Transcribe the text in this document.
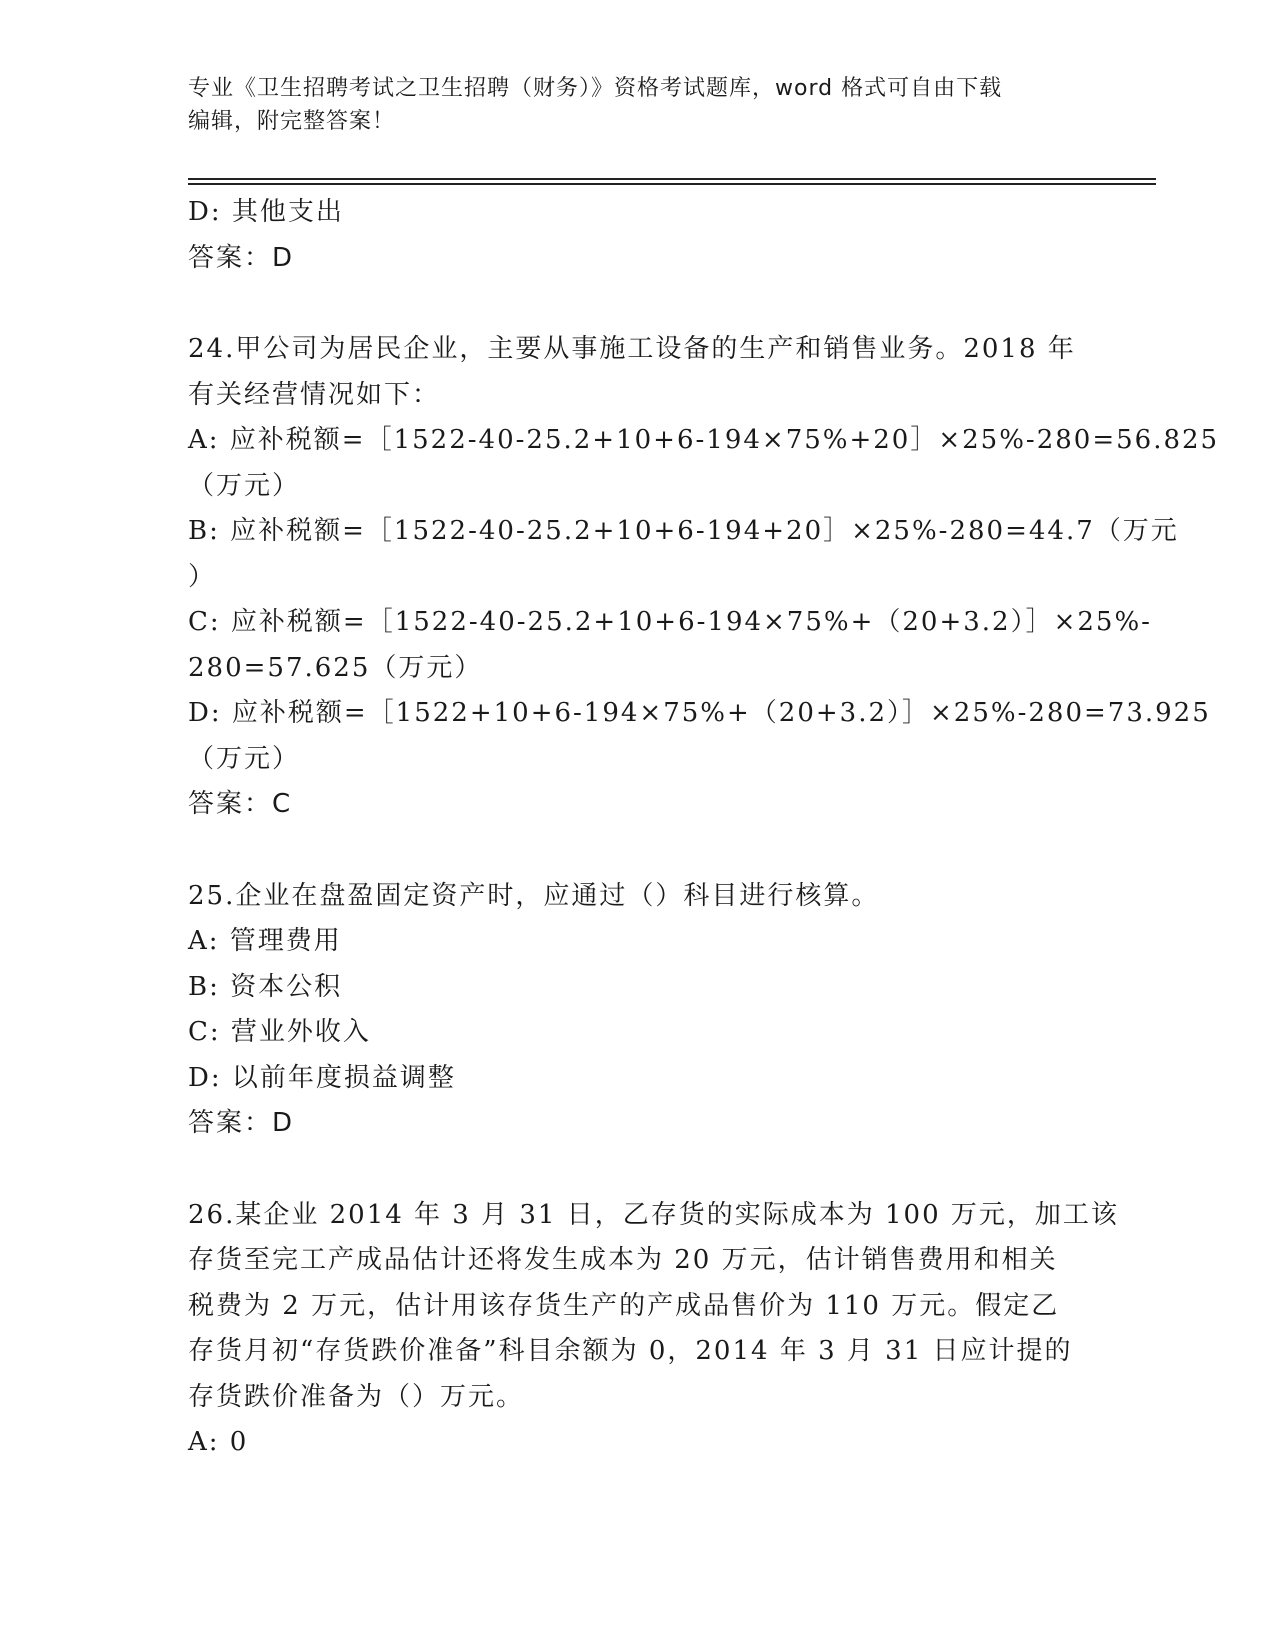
专业《卫生招聘考试之卫生招聘（财务）》资格考试题库，word 格式可自由下载
编辑，附完整答案！
D: 其他支出
答案：D
24.甲公司为居民企业，主要从事施工设备的生产和销售业务。2018 年
有关经营情况如下：
A: 应补税额=［1522-40-25.2+10+6-194×75%+20］×25%-280=56.825
（万元）
B: 应补税额=［1522-40-25.2+10+6-194+20］×25%-280=44.7（万元
）
C: 应补税额=［1522-40-25.2+10+6-194×75%+（20+3.2）］×25%-
280=57.625（万元）
D: 应补税额=［1522+10+6-194×75%+（20+3.2）］×25%-280=73.925
（万元）
答案：C
25.企业在盘盈固定资产时，应通过（）科目进行核算。
A: 管理费用
B: 资本公积
C: 营业外收入
D: 以前年度损益调整
答案：D
26.某企业 2014 年 3 月 31 日，乙存货的实际成本为 100 万元，加工该
存货至完工产成品估计还将发生成本为 20 万元，估计销售费用和相关
税费为 2 万元，估计用该存货生产的产成品售价为 110 万元。假定乙
存货月初“存货跌价准备”科目余额为 0，2014 年 3 月 31 日应计提的
存货跌价准备为（）万元。
A: 0
